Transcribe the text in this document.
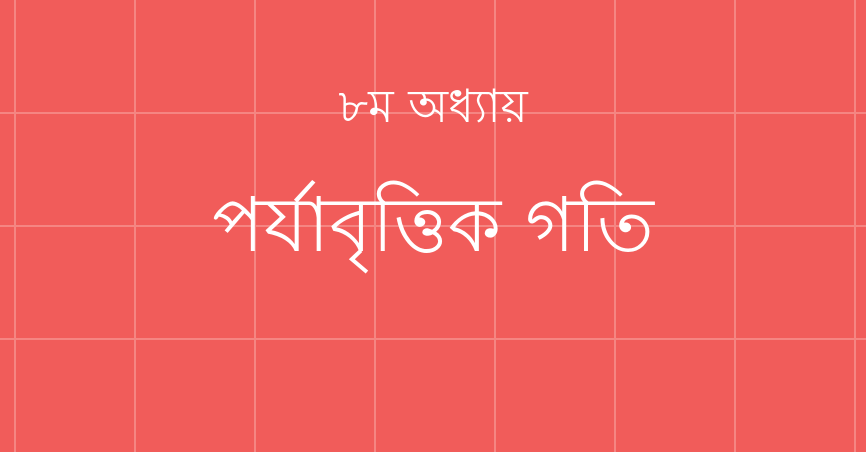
৮ম অধ্যায়
পর্যাবৃত্তিক গতি
